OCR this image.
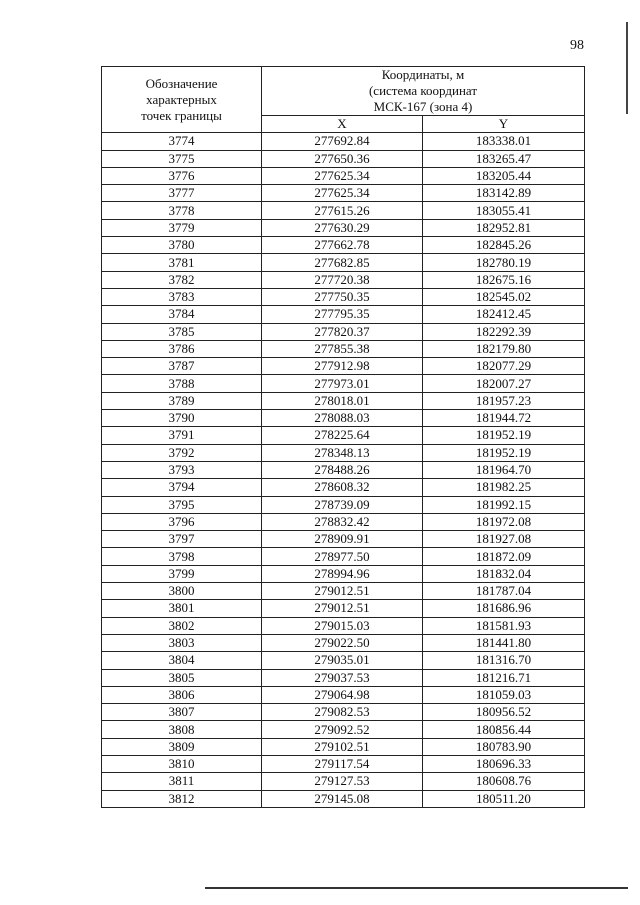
98
Обозначение
характерных
точек границы	Координаты, м
(система координат
МСК-167 (зона 4)	
	X	Y
3774	277692.84	183338.01
3775	277650.36	183265.47
3776	277625.34	183205.44
3777	277625.34	183142.89
3778	277615.26	183055.41
3779	277630.29	182952.81
3780	277662.78	182845.26
3781	277682.85	182780.19
3782	277720.38	182675.16
3783	277750.35	182545.02
3784	277795.35	182412.45
3785	277820.37	182292.39
3786	277855.38	182179.80
3787	277912.98	182077.29
3788	277973.01	182007.27
3789	278018.01	181957.23
3790	278088.03	181944.72
3791	278225.64	181952.19
3792	278348.13	181952.19
3793	278488.26	181964.70
3794	278608.32	181982.25
3795	278739.09	181992.15
3796	278832.42	181972.08
3797	278909.91	181927.08
3798	278977.50	181872.09
3799	278994.96	181832.04
3800	279012.51	181787.04
3801	279012.51	181686.96
3802	279015.03	181581.93
3803	279022.50	181441.80
3804	279035.01	181316.70
3805	279037.53	181216.71
3806	279064.98	181059.03
3807	279082.53	180956.52
3808	279092.52	180856.44
3809	279102.51	180783.90
3810	279117.54	180696.33
3811	279127.53	180608.76
3812	279145.08	180511.20
